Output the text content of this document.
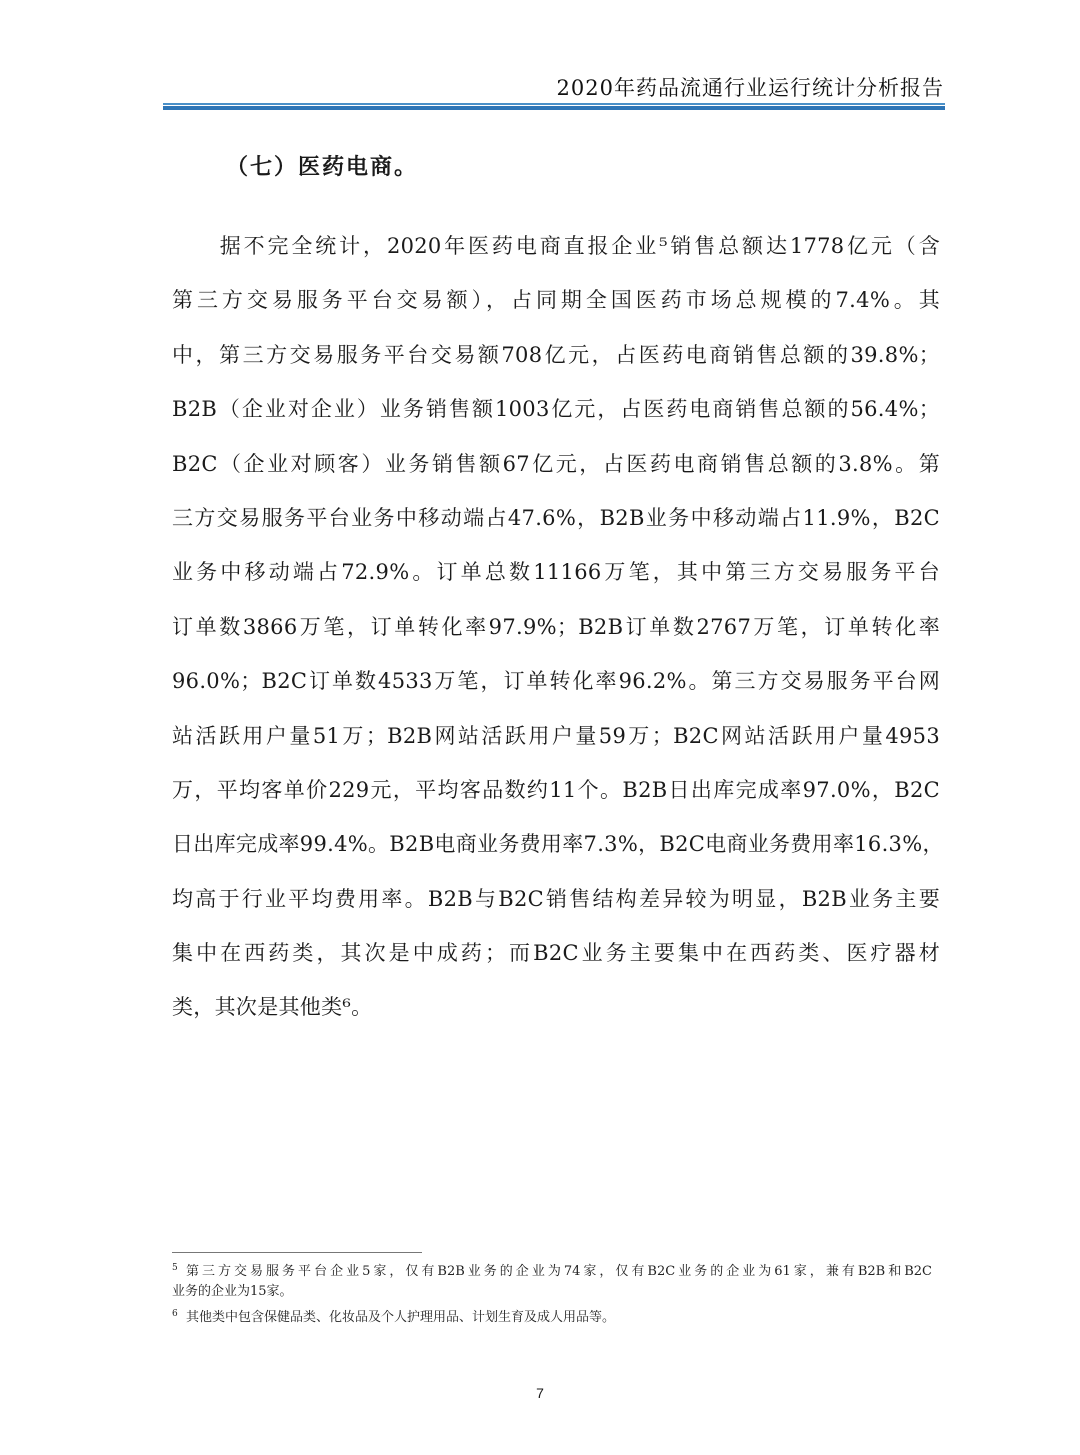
2020年药品流通行业运行统计分析报告
（七）医药电商。
　　据不完全统计，2020年医药电商直报企业⁵销售总额达1778亿元（含
第三方交易服务平台交易额），占同期全国医药市场总规模的7.4%。其
中，第三方交易服务平台交易额708亿元，占医药电商销售总额的39.8%；
B2B（企业对企业）业务销售额1003亿元，占医药电商销售总额的56.4%；
B2C（企业对顾客）业务销售额67亿元，占医药电商销售总额的3.8%。第
三方交易服务平台业务中移动端占47.6%，B2B业务中移动端占11.9%，B2C
业务中移动端占72.9%。订单总数11166万笔，其中第三方交易服务平台
订单数3866万笔，订单转化率97.9%；B2B订单数2767万笔，订单转化率
96.0%；B2C订单数4533万笔，订单转化率96.2%。第三方交易服务平台网
站活跃用户量51万；B2B网站活跃用户量59万；B2C网站活跃用户量4953
万，平均客单价229元，平均客品数约11个。B2B日出库完成率97.0%，B2C
日出库完成率99.4%。B2B电商业务费用率7.3%，B2C电商业务费用率16.3%，
均高于行业平均费用率。B2B与B2C销售结构差异较为明显，B2B业务主要
集中在西药类，其次是中成药；而B2C业务主要集中在西药类、医疗器材
类，其次是其他类⁶。
5 第三方交易服务平台企业5家，仅有B2B业务的企业为74家，仅有B2C业务的企业为61家，兼有B2B和B2C
业务的企业为15家。
6 其他类中包含保健品类、化妆品及个人护理用品、计划生育及成人用品等。
7
